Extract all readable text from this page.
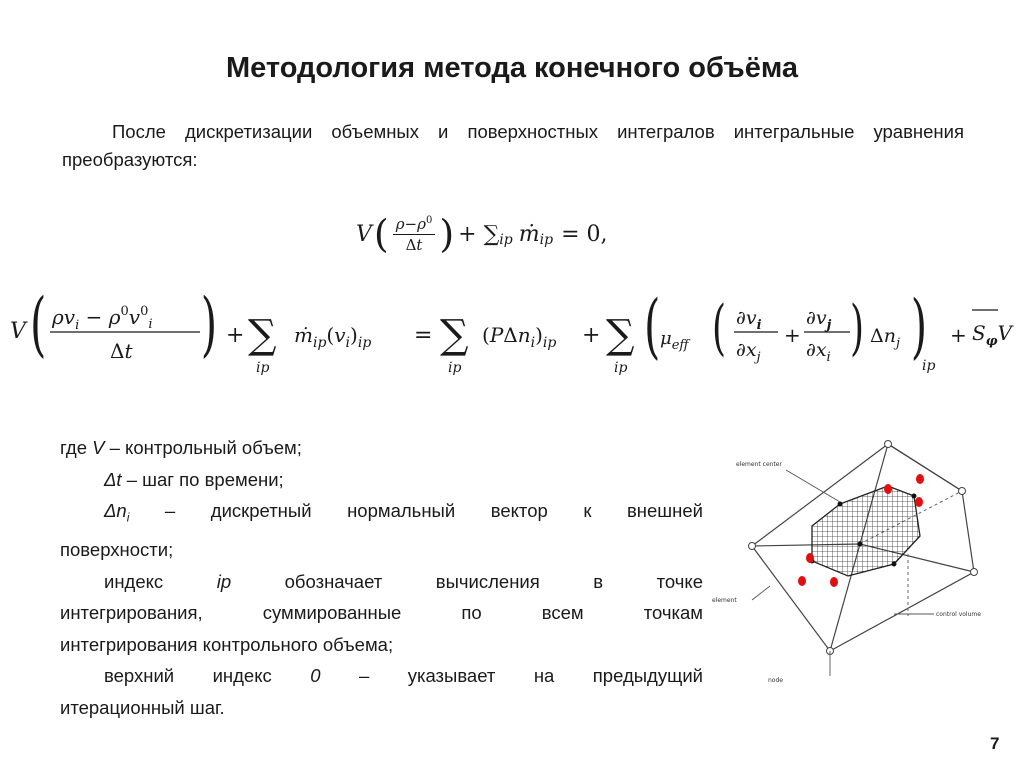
Методология метода конечного объёма
После дискретизации объемных и поверхностных интегралов интегральные уравнения преобразуются:
V ( $\frac{\rho-\rho^0}{\Delta t}$ ) + ∑ ip ṁ ip = 0,
V ( $\rho v_i - \rho^0v^0_i$
Δt ) + ∑
ip
$ṁ_{ip}(v_i)_{ip}$ = ∑
ip
$(P\Delta n_i)_{ip}$ + ∑
ip
( $\mu_{eff}$ ( $\partial v_i$
$\partial x_j$
+
$\partial v_j$
$\partial x_i$ ) $\Delta n_j$ )
ip
+ $S_\varphi V$
где V – контрольный объем;
Δt – шаг по времени;
$\Delta n_i$ – дискретный нормальный вектор к внешней
поверхности;
индекс ip обозначает вычисления в точке
интегрирования, суммированные по всем точкам
интегрирования контрольного объема;
верхний индекс 0 – указывает на предыдущий
итерационный шаг.
element center
element
control volume
node
7
